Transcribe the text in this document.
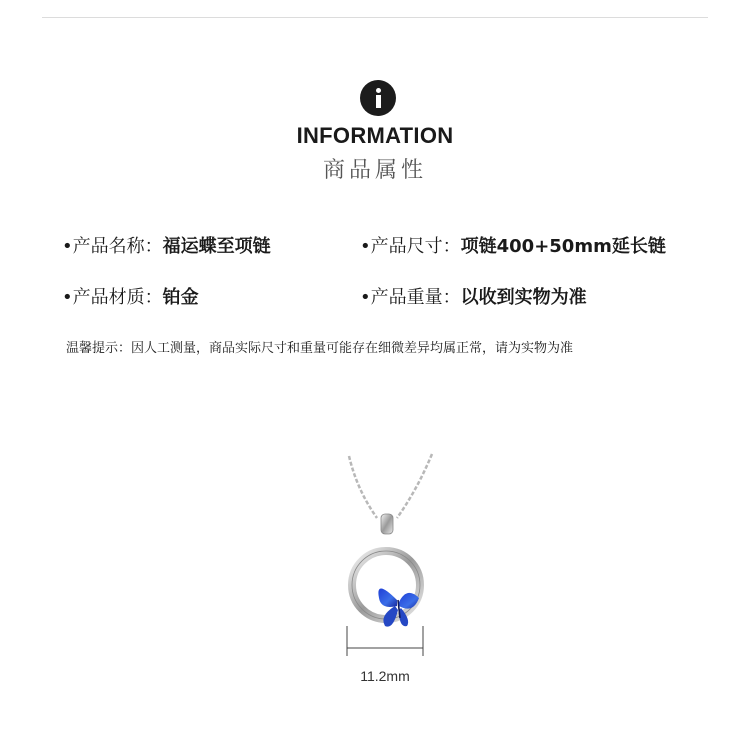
INFORMATION
商品属性
•产品名称：福运蝶至项链	•产品尺寸：项链400+50mm延长链
•产品材质：铂金	•产品重量：以收到实物为准
温馨提示：因人工测量，商品实际尺寸和重量可能存在细微差异均属正常，请为实物为准
11.2mm
